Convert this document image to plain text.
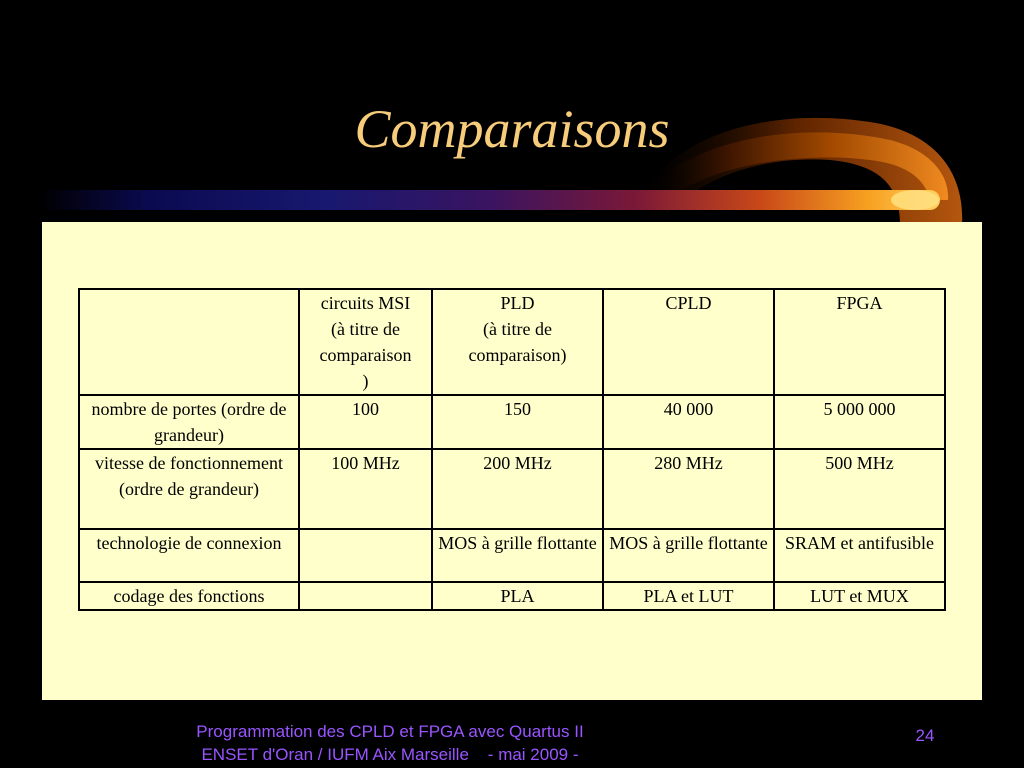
Comparaisons
	circuits MSI
(à titre de
comparaison
)	PLD
(à titre de
comparaison)	CPLD	FPGA
nombre de portes (ordre de grandeur)	100	150	40 000	5 000 000
vitesse de fonctionnement (ordre de grandeur)	100 MHz	200 MHz	280 MHz	500 MHz
technologie de connexion		MOS à grille flottante	MOS à grille flottante	SRAM et antifusible
codage des fonctions		PLA	PLA et LUT	LUT et MUX
Programmation des CPLD et FPGA avec Quartus II
ENSET d'Oran / IUFM Aix Marseille    - mai 2009 -
24
